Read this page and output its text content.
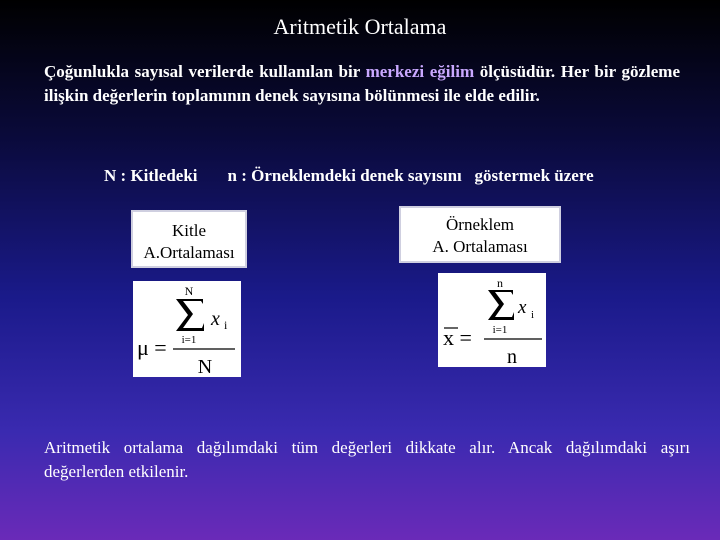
Aritmetik Ortalama
Çoğunlukla sayısal verilerde kullanılan bir merkezi eğilim ölçüsüdür. Her bir gözleme ilişkin değerlerin toplamının denek sayısına bölünmesi ile elde edilir.
N : Kitledeki n : Örneklemdeki denek sayısını   göstermek üzere
Kitle
A.Ortalaması
Örneklem
A. Ortalaması
N
i=1
x i
μ =
N
n
i=1
x i
x =
n
Aritmetik ortalama dağılımdaki tüm değerleri dikkate alır. Ancak dağılımdaki aşırı değerlerden etkilenir.
